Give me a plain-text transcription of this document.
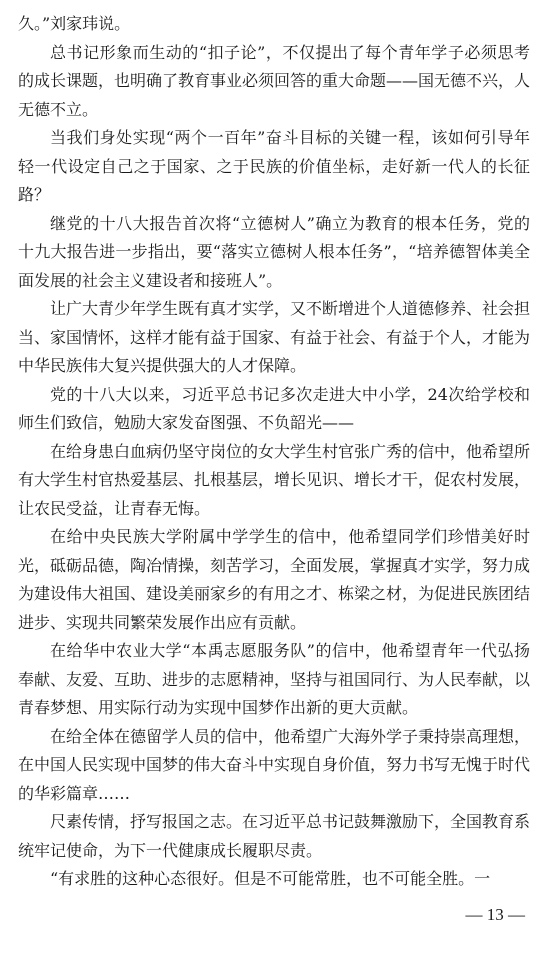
久。”刘家玮说。

总书记形象而生动的“扣子论”，不仅提出了每个青年学子必须思考的成长课题，也明确了教育事业必须回答的重大命题——国无德不兴，人无德不立。

当我们身处实现“两个一百年”奋斗目标的关键一程，该如何引导年轻一代设定自己之于国家、之于民族的价值坐标，走好新一代人的长征路？

继党的十八大报告首次将“立德树人”确立为教育的根本任务，党的十九大报告进一步指出，要“落实立德树人根本任务”，“培养德智体美全面发展的社会主义建设者和接班人”。

让广大青少年学生既有真才实学，又不断增进个人道德修养、社会担当、家国情怀，这样才能有益于国家、有益于社会、有益于个人，才能为中华民族伟大复兴提供强大的人才保障。

党的十八大以来，习近平总书记多次走进大中小学，24次给学校和师生们致信，勉励大家发奋图强、不负韶光——

在给身患白血病仍坚守岗位的女大学生村官张广秀的信中，他希望所有大学生村官热爱基层、扎根基层，增长见识、增长才干，促农村发展，让农民受益，让青春无悔。

在给中央民族大学附属中学学生的信中，他希望同学们珍惜美好时光，砥砺品德，陶冶情操，刻苦学习，全面发展，掌握真才实学，努力成为建设伟大祖国、建设美丽家乡的有用之才、栋梁之材，为促进民族团结进步、实现共同繁荣发展作出应有贡献。

在给华中农业大学“本禹志愿服务队”的信中，他希望青年一代弘扬奉献、友爱、互助、进步的志愿精神，坚持与祖国同行、为人民奉献，以青春梦想、用实际行动为实现中国梦作出新的更大贡献。

在给全体在德留学人员的信中，他希望广大海外学子秉持崇高理想，在中国人民实现中国梦的伟大奋斗中实现自身价值，努力书写无愧于时代的华彩篇章……

尺素传情，抒写报国之志。在习近平总书记鼓舞激励下，全国教育系统牢记使命，为下一代健康成长履职尽责。

“有求胜的这种心态很好。但是不可能常胜，也不可能全胜。一

— 13 —
